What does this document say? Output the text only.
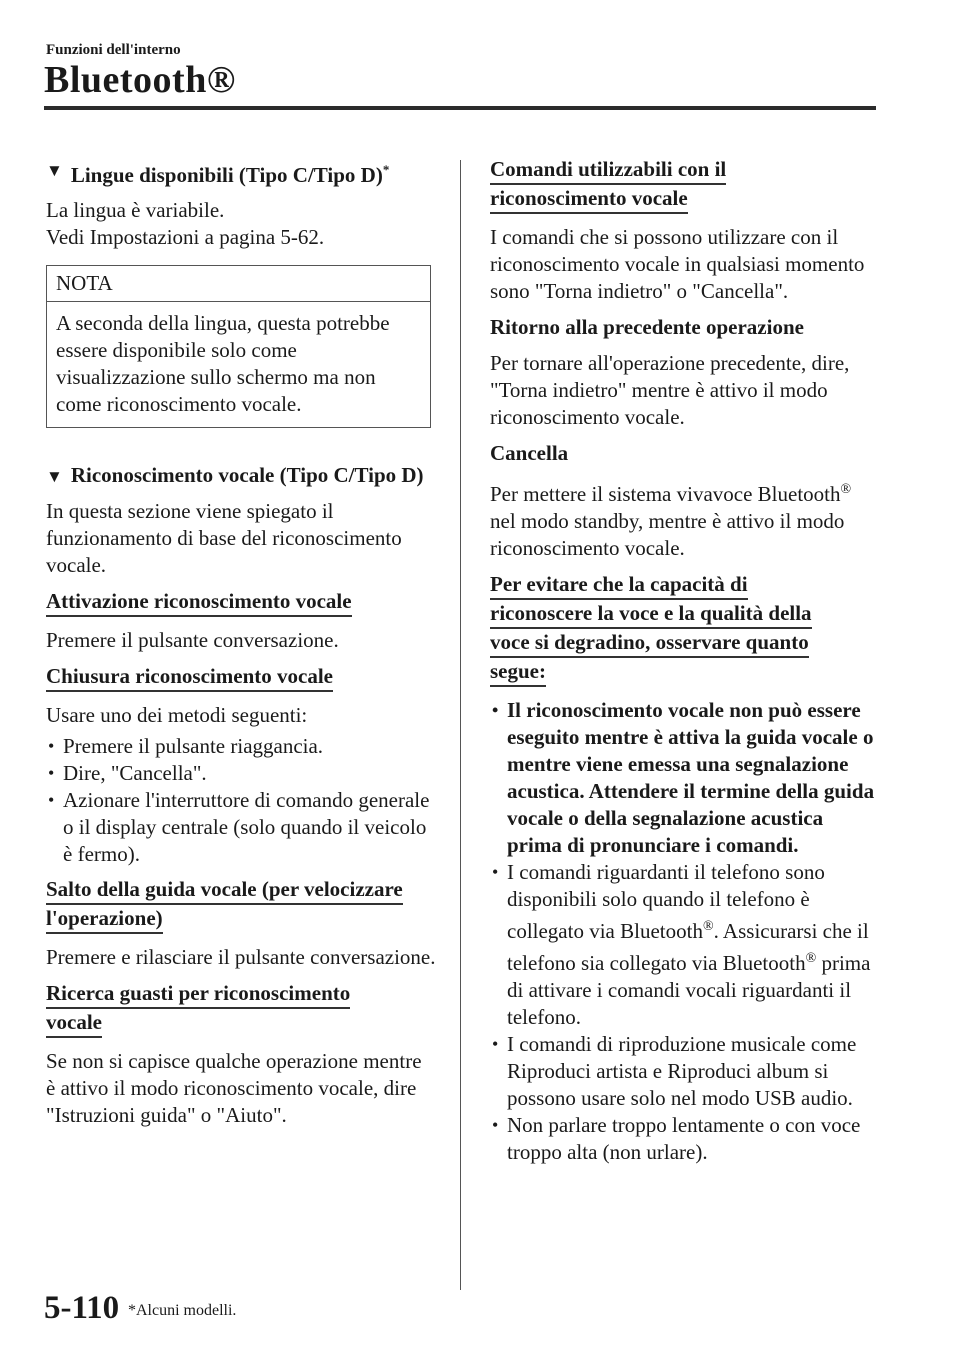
Funzioni dell'interno
Bluetooth®
▼ Lingue disponibili (Tipo C/Tipo D)*

La lingua è variabile.

Vedi Impostazioni a pagina 5-62.

NOTA
A seconda della lingua, questa potrebbe essere disponibile solo come visualizzazione sullo schermo ma non come riconoscimento vocale.
▼ Riconoscimento vocale (Tipo C/Tipo D)

In questa sezione viene spiegato il funzionamento di base del riconoscimento vocale.

Attivazione riconoscimento vocale

Premere il pulsante conversazione.

Chiusura riconoscimento vocale

Usare uno dei metodi seguenti:

• Premere il pulsante riaggancia.
• Dire, "Cancella".
• Azionare l'interruttore di comando generale o il display centrale (solo quando il veicolo è fermo).
Salto della guida vocale (per velocizzare
l'operazione)

Premere e rilasciare il pulsante conversazione.

Ricerca guasti per riconoscimento
vocale

Se non si capisce qualche operazione mentre è attivo il modo riconoscimento vocale, dire "Istruzioni guida" o "Aiuto".

Comandi utilizzabili con il
riconoscimento vocale

I comandi che si possono utilizzare con il riconoscimento vocale in qualsiasi momento sono "Torna indietro" o "Cancella".

Ritorno alla precedente operazione

Per tornare all'operazione precedente, dire, "Torna indietro" mentre è attivo il modo riconoscimento vocale.

Cancella

Per mettere il sistema vivavoce Bluetooth® nel modo standby, mentre è attivo il modo riconoscimento vocale.

Per evitare che la capacità di
riconoscere la voce e la qualità della
voce si degradino, osservare quanto
segue:
• Il riconoscimento vocale non può essere eseguito mentre è attiva la guida vocale o mentre viene emessa una segnalazione acustica. Attendere il termine della guida vocale o della segnalazione acustica prima di pronunciare i comandi.
• I comandi riguardanti il telefono sono disponibili solo quando il telefono è collegato via Bluetooth®. Assicurarsi che il telefono sia collegato via Bluetooth® prima di attivare i comandi vocali riguardanti il telefono.
• I comandi di riproduzione musicale come Riproduci artista e Riproduci album si possono usare solo nel modo USB audio.
• Non parlare troppo lentamente o con voce troppo alta (non urlare).
5-110 *Alcuni modelli.
